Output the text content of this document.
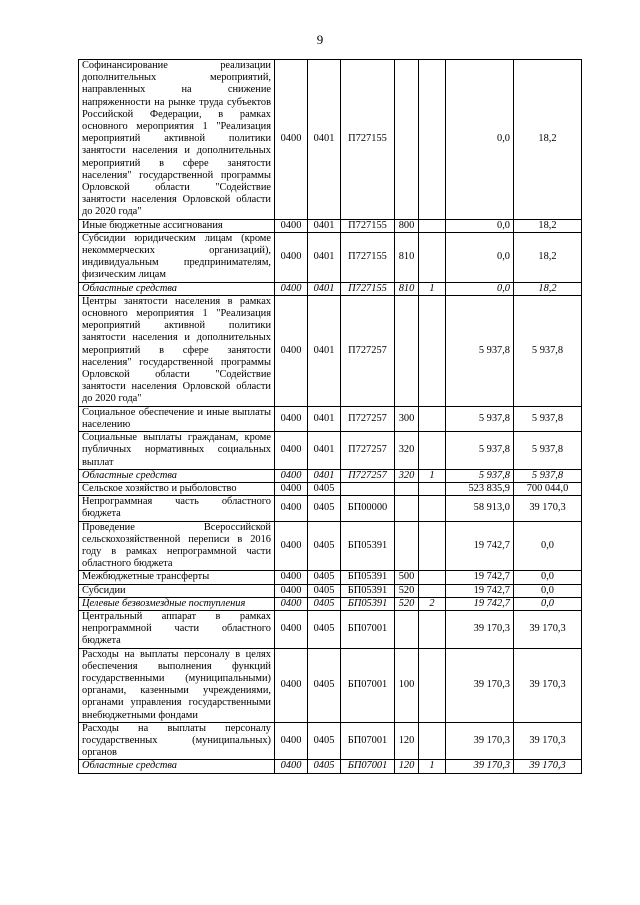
9
Софинансирование реализации дополнительных мероприятий, направленных на снижение напряженности на рынке труда субъектов Российской Федерации, в рамках основного мероприятия 1 "Реализация мероприятий активной политики занятости населения и дополнительных мероприятий в сфере занятости населения" государственной программы Орловской области "Содействие занятости населения Орловской области до 2020 года"	0400	0401	П727155			0,0	18,2
Иные бюджетные ассигнования	0400	0401	П727155	800		0,0	18,2
Субсидии юридическим лицам (кроме некоммерческих организаций), индивидуальным предпринимателям, физическим лицам	0400	0401	П727155	810		0,0	18,2
Областные средства	0400	0401	П727155	810	1	0,0	18,2
Центры занятости населения в рамках основного мероприятия 1 "Реализация мероприятий активной политики занятости населения и дополнительных мероприятий в сфере занятости населения" государственной программы Орловской области "Содействие занятости населения Орловской области до 2020 года"	0400	0401	П727257			5 937,8	5 937,8
Социальное обеспечение и иные выплаты населению	0400	0401	П727257	300		5 937,8	5 937,8
Социальные выплаты гражданам, кроме публичных нормативных социальных выплат	0400	0401	П727257	320		5 937,8	5 937,8
Областные средства	0400	0401	П727257	320	1	5 937,8	5 937,8
Сельское хозяйство и рыболовство	0400	0405				523 835,9	700 044,0
Непрограммная часть областного бюджета	0400	0405	БП00000			58 913,0	39 170,3
Проведение Всероссийской сельскохозяйственной переписи в 2016 году в рамках непрограммной части областного бюджета	0400	0405	БП05391			19 742,7	0,0
Межбюджетные трансферты	0400	0405	БП05391	500		19 742,7	0,0
Субсидии	0400	0405	БП05391	520		19 742,7	0,0
Целевые безвозмездные поступления	0400	0405	БП05391	520	2	19 742,7	0,0
Центральный аппарат в рамках непрограммной части областного бюджета	0400	0405	БП07001			39 170,3	39 170,3
Расходы на выплаты персоналу в целях обеспечения выполнения функций государственными (муниципальными) органами, казенными учреждениями, органами управления государственными внебюджетными фондами	0400	0405	БП07001	100		39 170,3	39 170,3
Расходы на выплаты персоналу государственных (муниципальных) органов	0400	0405	БП07001	120		39 170,3	39 170,3
Областные средства	0400	0405	БП07001	120	1	39 170,3	39 170,3
